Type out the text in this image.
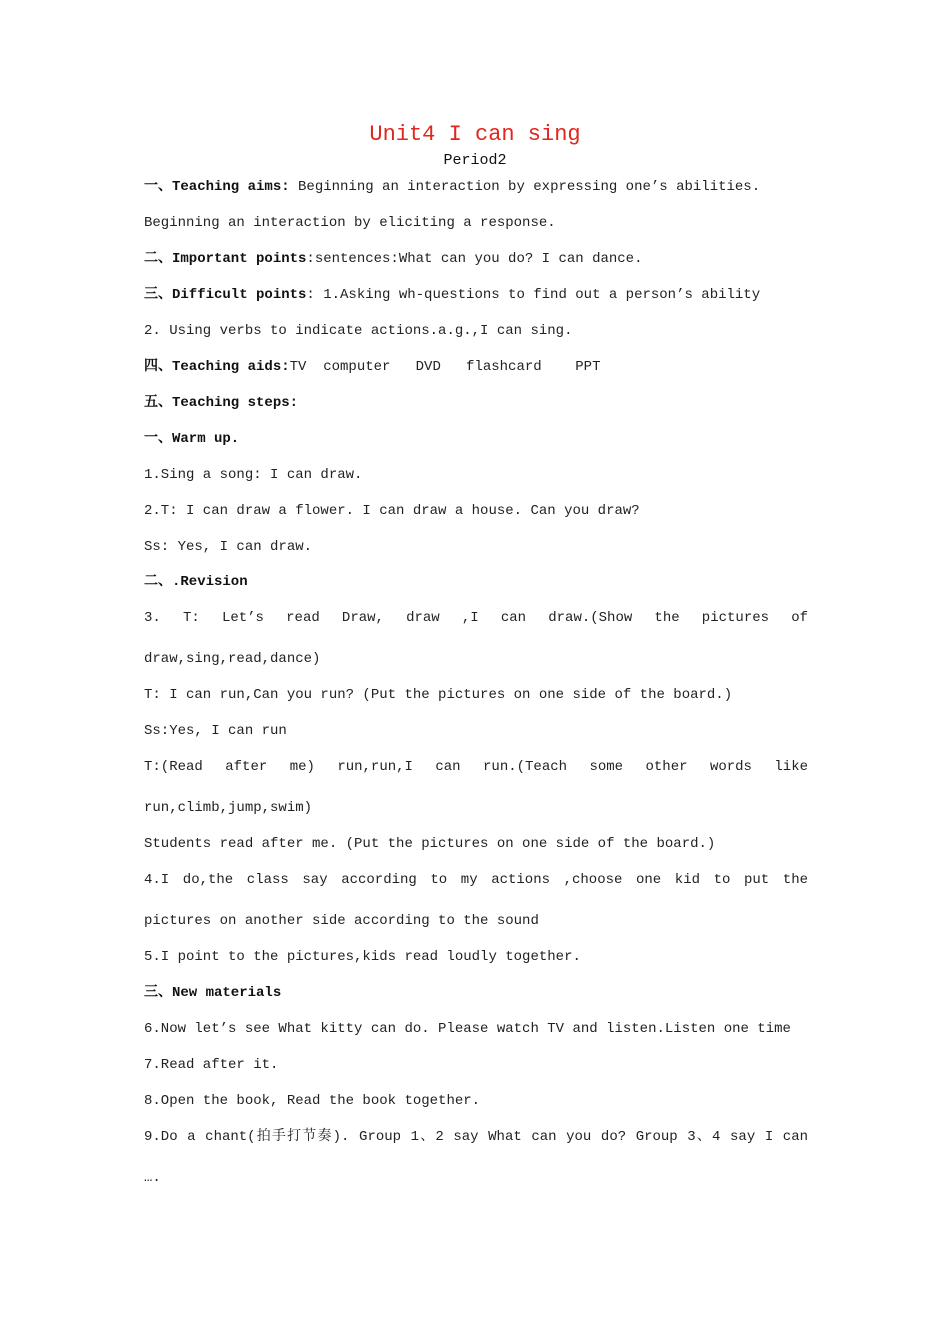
Unit4 I can sing
Period2
一、Teaching aims: Beginning an interaction by expressing one’s abilities.
Beginning an interaction by eliciting a response.
二、Important points:sentences:What can you do? I can dance.
三、Difficult points: 1.Asking wh-questions to find out a person’s ability
2. Using verbs to indicate actions.a.g.,I can sing.
四、Teaching aids:TV  computer   DVD   flashcard    PPT
五、Teaching steps:
一、Warm up.
1.Sing a song: I can draw.
2.T: I can draw a flower. I can draw a house. Can you draw?
Ss: Yes, I can draw.
二、.Revision
3. T: Let’s read Draw, draw ,I can draw.(Show the pictures of
draw,sing,read,dance)
T: I can run,Can you run? (Put the pictures on one side of the board.)
Ss:Yes, I can run
T:(Read after me) run,run,I can run.(Teach some other words like
run,climb,jump,swim)
Students read after me. (Put the pictures on one side of the board.)
4.I do,the class say according to my actions ,choose one kid to put the
pictures on another side according to the sound
5.I point to the pictures,kids read loudly together.
三、New materials
6.Now let’s see What kitty can do. Please watch TV and listen.Listen one time
7.Read after it.
8.Open the book, Read the book together.
9.Do a chant(拍手打节奏). Group 1、2 say What can you do? Group 3、4 say I can
….
